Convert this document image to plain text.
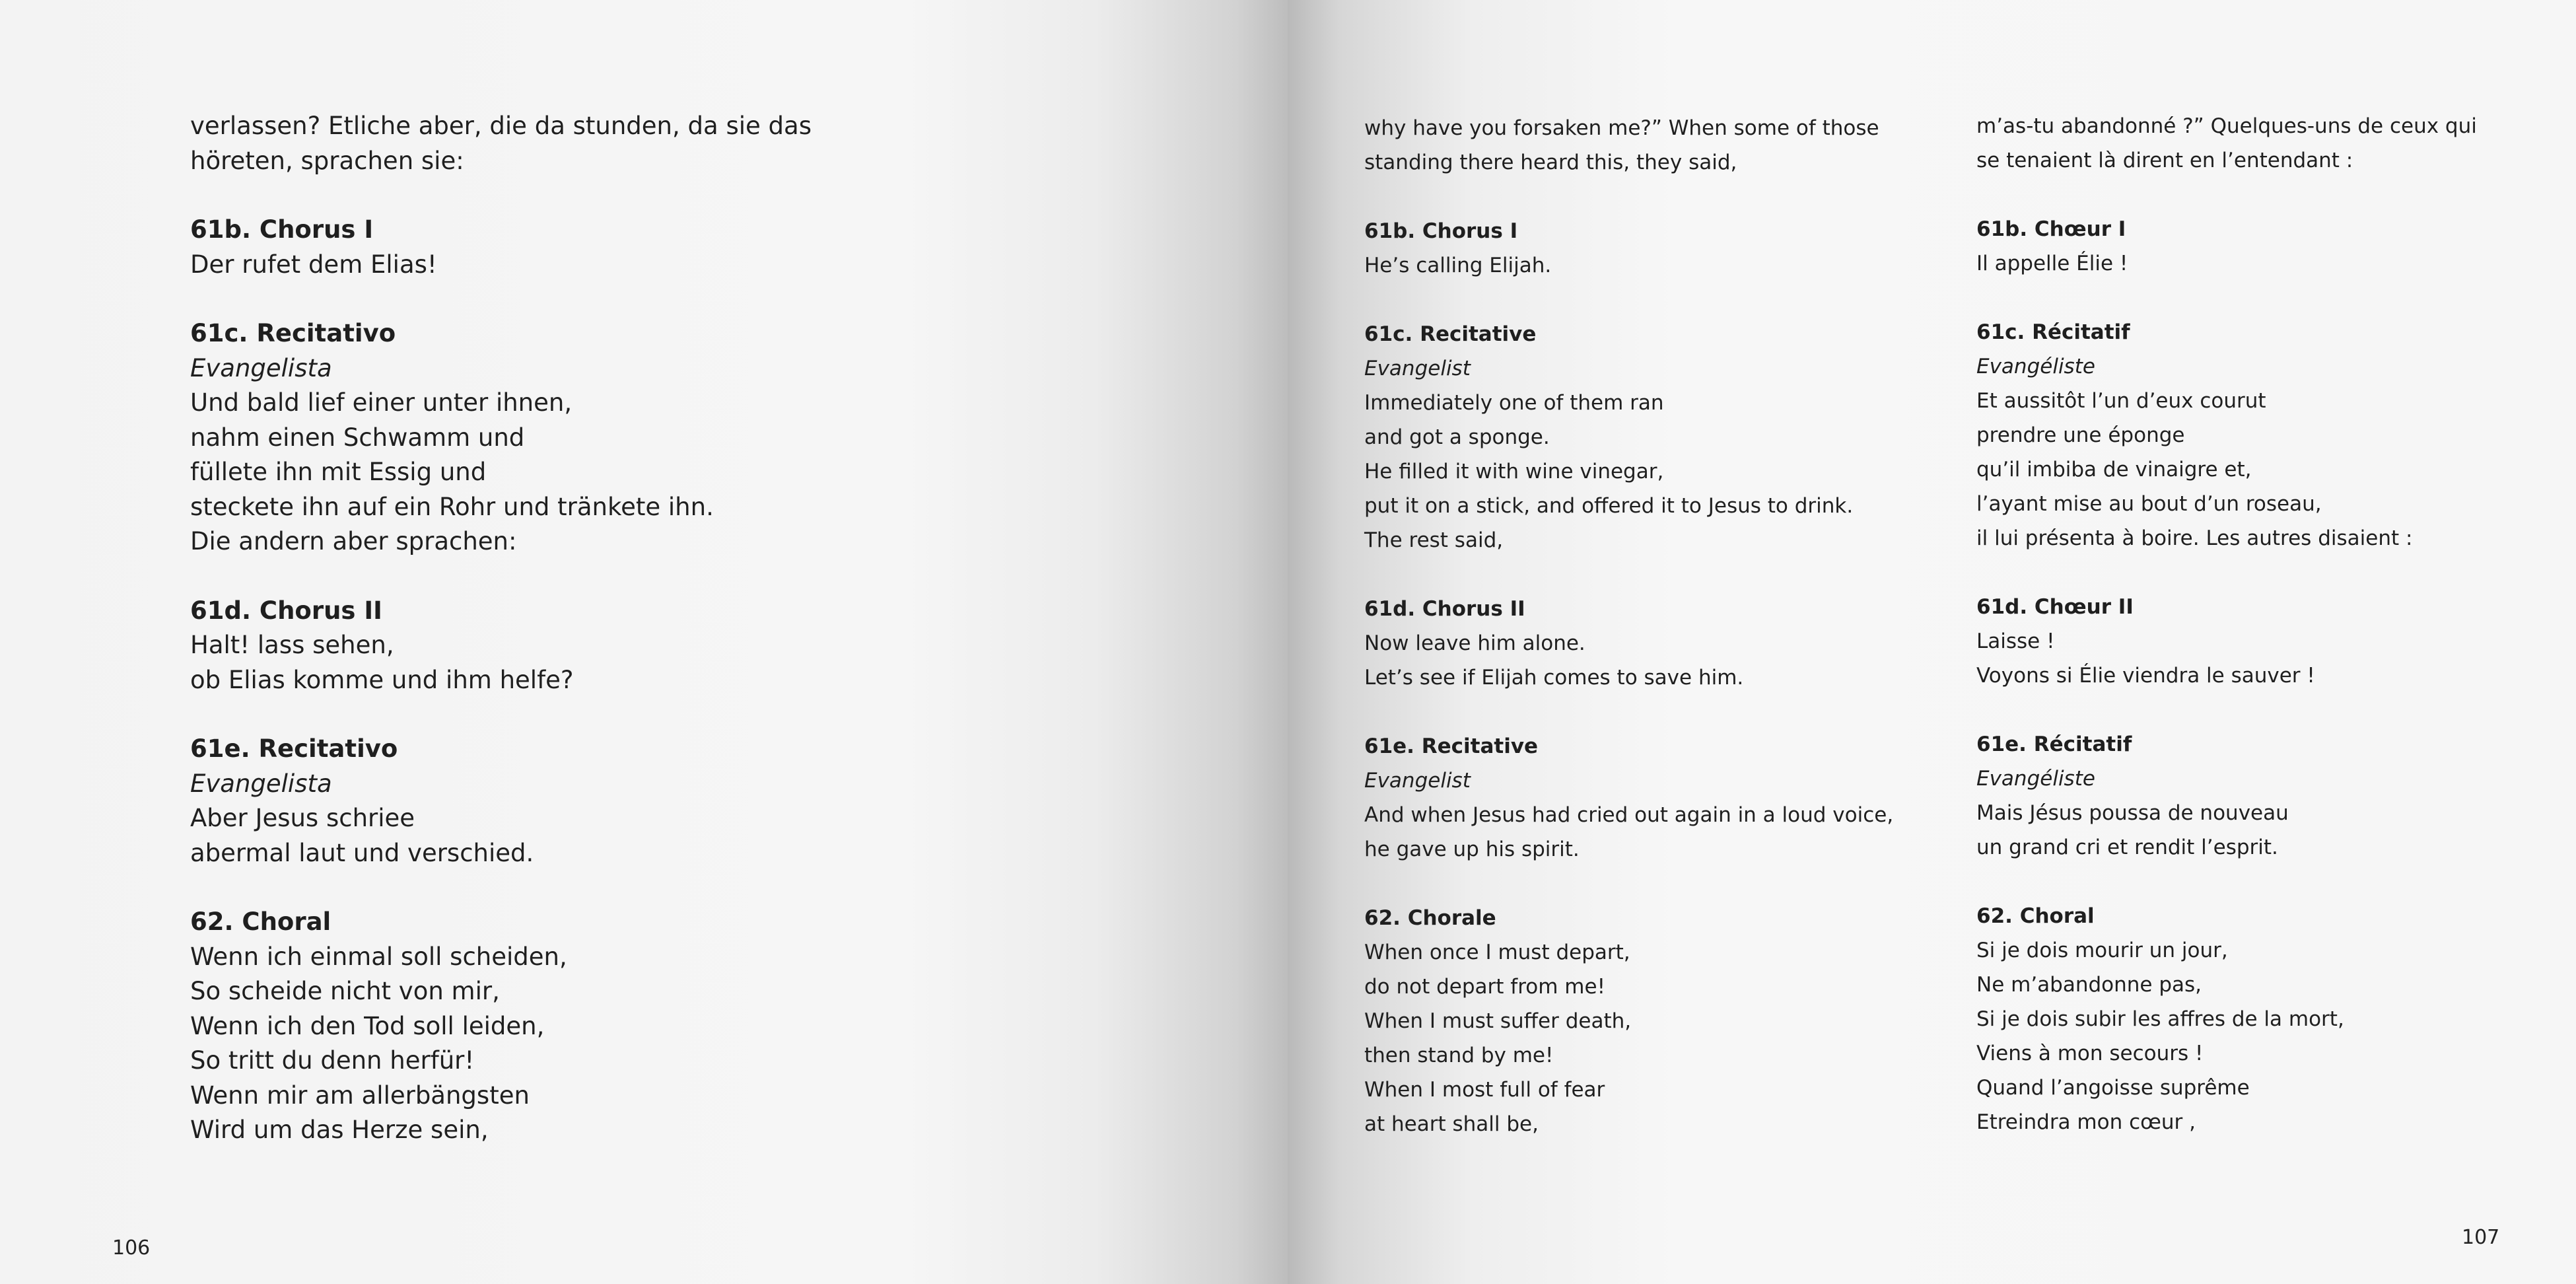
verlassen? Etliche aber, die da stunden, da sie das
höreten, sprachen sie:
61b. Chorus I
Der rufet dem Elias!
61c. Recitativo
Evangelista
Und bald lief einer unter ihnen,
nahm einen Schwamm und
füllete ihn mit Essig und
steckete ihn auf ein Rohr und tränkete ihn.
Die andern aber sprachen:
61d. Chorus II
Halt! lass sehen,
ob Elias komme und ihm helfe?
61e. Recitativo
Evangelista
Aber Jesus schriee
abermal laut und verschied.
62. Choral
Wenn ich einmal soll scheiden,
So scheide nicht von mir,
Wenn ich den Tod soll leiden,
So tritt du denn herfür!
Wenn mir am allerbängsten
Wird um das Herze sein,
106
why have you forsaken me?” When some of those
standing there heard this, they said,
61b. Chorus I
He’s calling Elijah.
61c. Recitative
Evangelist
Immediately one of them ran
and got a sponge.
He filled it with wine vinegar,
put it on a stick, and offered it to Jesus to drink.
The rest said,
61d. Chorus II
Now leave him alone.
Let’s see if Elijah comes to save him.
61e. Recitative
Evangelist
And when Jesus had cried out again in a loud voice,
he gave up his spirit.
62. Chorale
When once I must depart,
do not depart from me!
When I must suffer death,
then stand by me!
When I most full of fear
at heart shall be,
m’as-tu abandonné ?” Quelques-uns de ceux qui
se tenaient là dirent en l’entendant :
61b. Chœur I
Il appelle Élie !
61c. Récitatif
Evangéliste
Et aussitôt l’un d’eux courut
prendre une éponge
qu’il imbiba de vinaigre et,
l’ayant mise au bout d’un roseau,
il lui présenta à boire. Les autres disaient :
61d. Chœur II
Laisse !
Voyons si Élie viendra le sauver !
61e. Récitatif
Evangéliste
Mais Jésus poussa de nouveau
un grand cri et rendit l’esprit.
62. Choral
Si je dois mourir un jour,
Ne m’abandonne pas,
Si je dois subir les affres de la mort,
Viens à mon secours !
Quand l’angoisse suprême
Etreindra mon cœur ,
107
